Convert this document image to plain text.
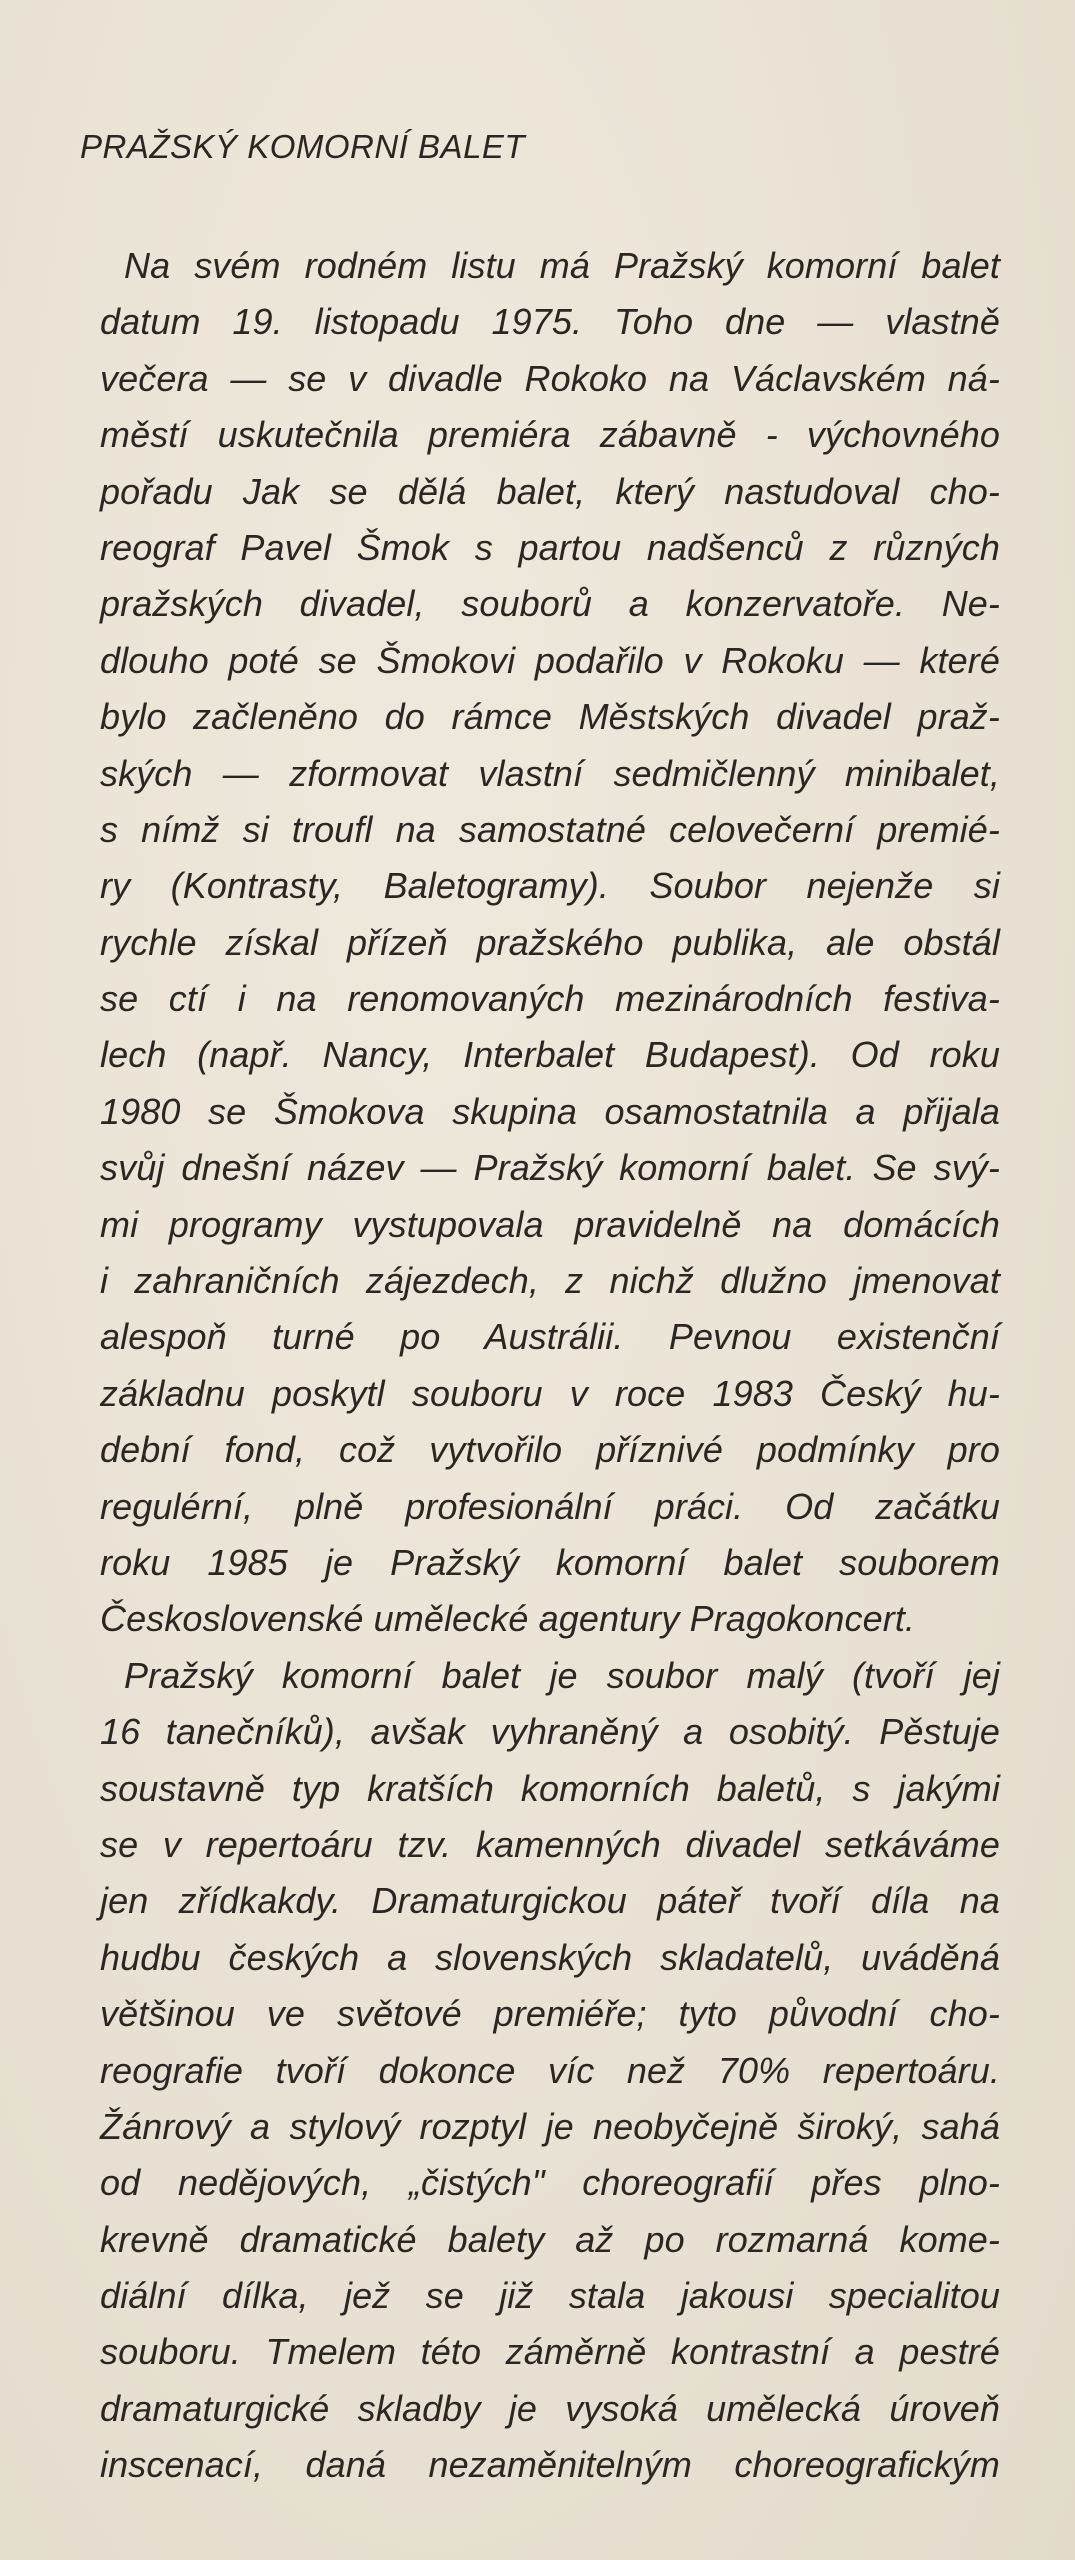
PRAŽSKÝ KOMORNÍ BALET
Na svém rodném listu má Pražský komorní balet
datum 19. listopadu 1975. Toho dne — vlastně
večera — se v divadle Rokoko na Václavském ná-
městí uskutečnila premiéra zábavně - výchovného
pořadu Jak se dělá balet, který nastudoval cho-
reograf Pavel Šmok s partou nadšenců z různých
pražských divadel, souborů a konzervatoře. Ne-
dlouho poté se Šmokovi podařilo v Rokoku — které
bylo začleněno do rámce Městských divadel praž-
ských — zformovat vlastní sedmičlenný minibalet,
s nímž si troufl na samostatné celovečerní premié-
ry (Kontrasty, Baletogramy). Soubor nejenže si
rychle získal přízeň pražského publika, ale obstál
se ctí i na renomovaných mezinárodních festiva-
lech (např. Nancy, Interbalet Budapest). Od roku
1980 se Šmokova skupina osamostatnila a přijala
svůj dnešní název — Pražský komorní balet. Se svý-
mi programy vystupovala pravidelně na domácích
i zahraničních zájezdech, z nichž dlužno jmenovat
alespoň turné po Austrálii. Pevnou existenční
základnu poskytl souboru v roce 1983 Český hu-
dební fond, což vytvořilo příznivé podmínky pro
regulérní, plně profesionální práci. Od začátku
roku 1985 je Pražský komorní balet souborem
Československé umělecké agentury Pragokoncert.
Pražský komorní balet je soubor malý (tvoří jej
16 tanečníků), avšak vyhraněný a osobitý. Pěstuje
soustavně typ kratších komorních baletů, s jakými
se v repertoáru tzv. kamenných divadel setkáváme
jen zřídkakdy. Dramaturgickou páteř tvoří díla na
hudbu českých a slovenských skladatelů, uváděná
většinou ve světové premiéře; tyto původní cho-
reografie tvoří dokonce víc než 70% repertoáru.
Žánrový a stylový rozptyl je neobyčejně široký, sahá
od nedějových, „čistých" choreografií přes plno-
krevně dramatické balety až po rozmarná kome-
diální dílka, jež se již stala jakousi specialitou
souboru. Tmelem této záměrně kontrastní a pestré
dramaturgické skladby je vysoká umělecká úroveň
inscenací, daná nezaměnitelným choreografickým
